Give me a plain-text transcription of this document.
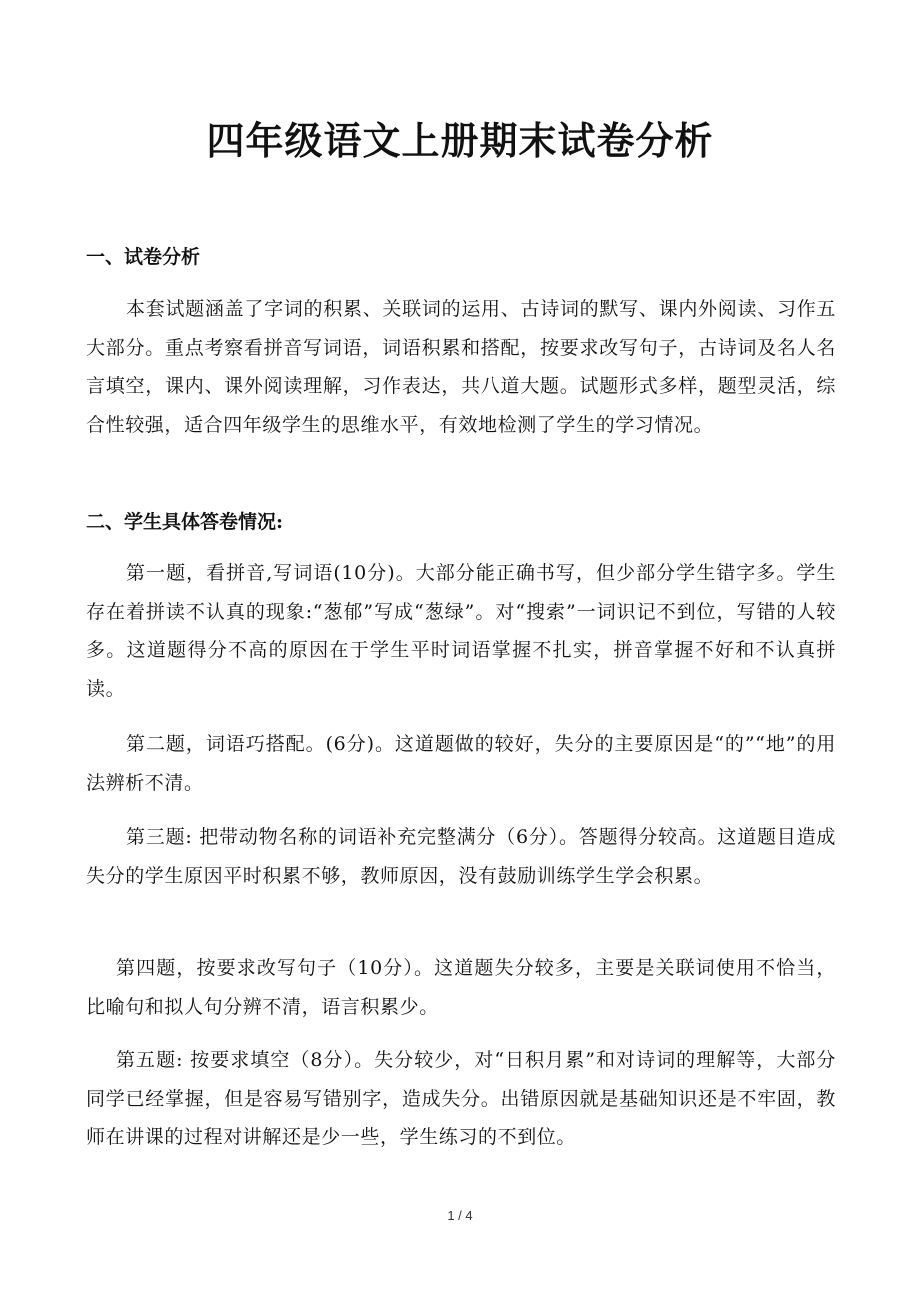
四年级语文上册期末试卷分析
一、试卷分析

本套试题涵盖了字词的积累、关联词的运用、古诗词的默写、课内外阅读、习作五大部分。重点考察看拼音写词语，词语积累和搭配，按要求改写句子，古诗词及名人名言填空，课内、课外阅读理解，习作表达，共八道大题。试题形式多样，题型灵活，综合性较强，适合四年级学生的思维水平，有效地检测了学生的学习情况。

二、学生具体答卷情况:

第一题，看拼音,写词语(10分)。大部分能正确书写，但少部分学生错字多。学生存在着拼读不认真的现象:“葱郁”写成“葱绿”。对“搜索”一词识记不到位，写错的人较多。这道题得分不高的原因在于学生平时词语掌握不扎实，拼音掌握不好和不认真拼读。

第二题，词语巧搭配。(6分)。这道题做的较好，失分的主要原因是“的”“地”的用法辨析不清。

第三题: 把带动物名称的词语补充完整满分（6分）。答题得分较高。这道题目造成失分的学生原因平时积累不够，教师原因，没有鼓励训练学生学会积累。

第四题，按要求改写句子（10分）。这道题失分较多，主要是关联词使用不恰当，比喻句和拟人句分辨不清，语言积累少。

第五题: 按要求填空（8分）。失分较少，对“日积月累”和对诗词的理解等，大部分同学已经掌握，但是容易写错别字，造成失分。出错原因就是基础知识还是不牢固，教师在讲课的过程对讲解还是少一些，学生练习的不到位。

1 / 4
